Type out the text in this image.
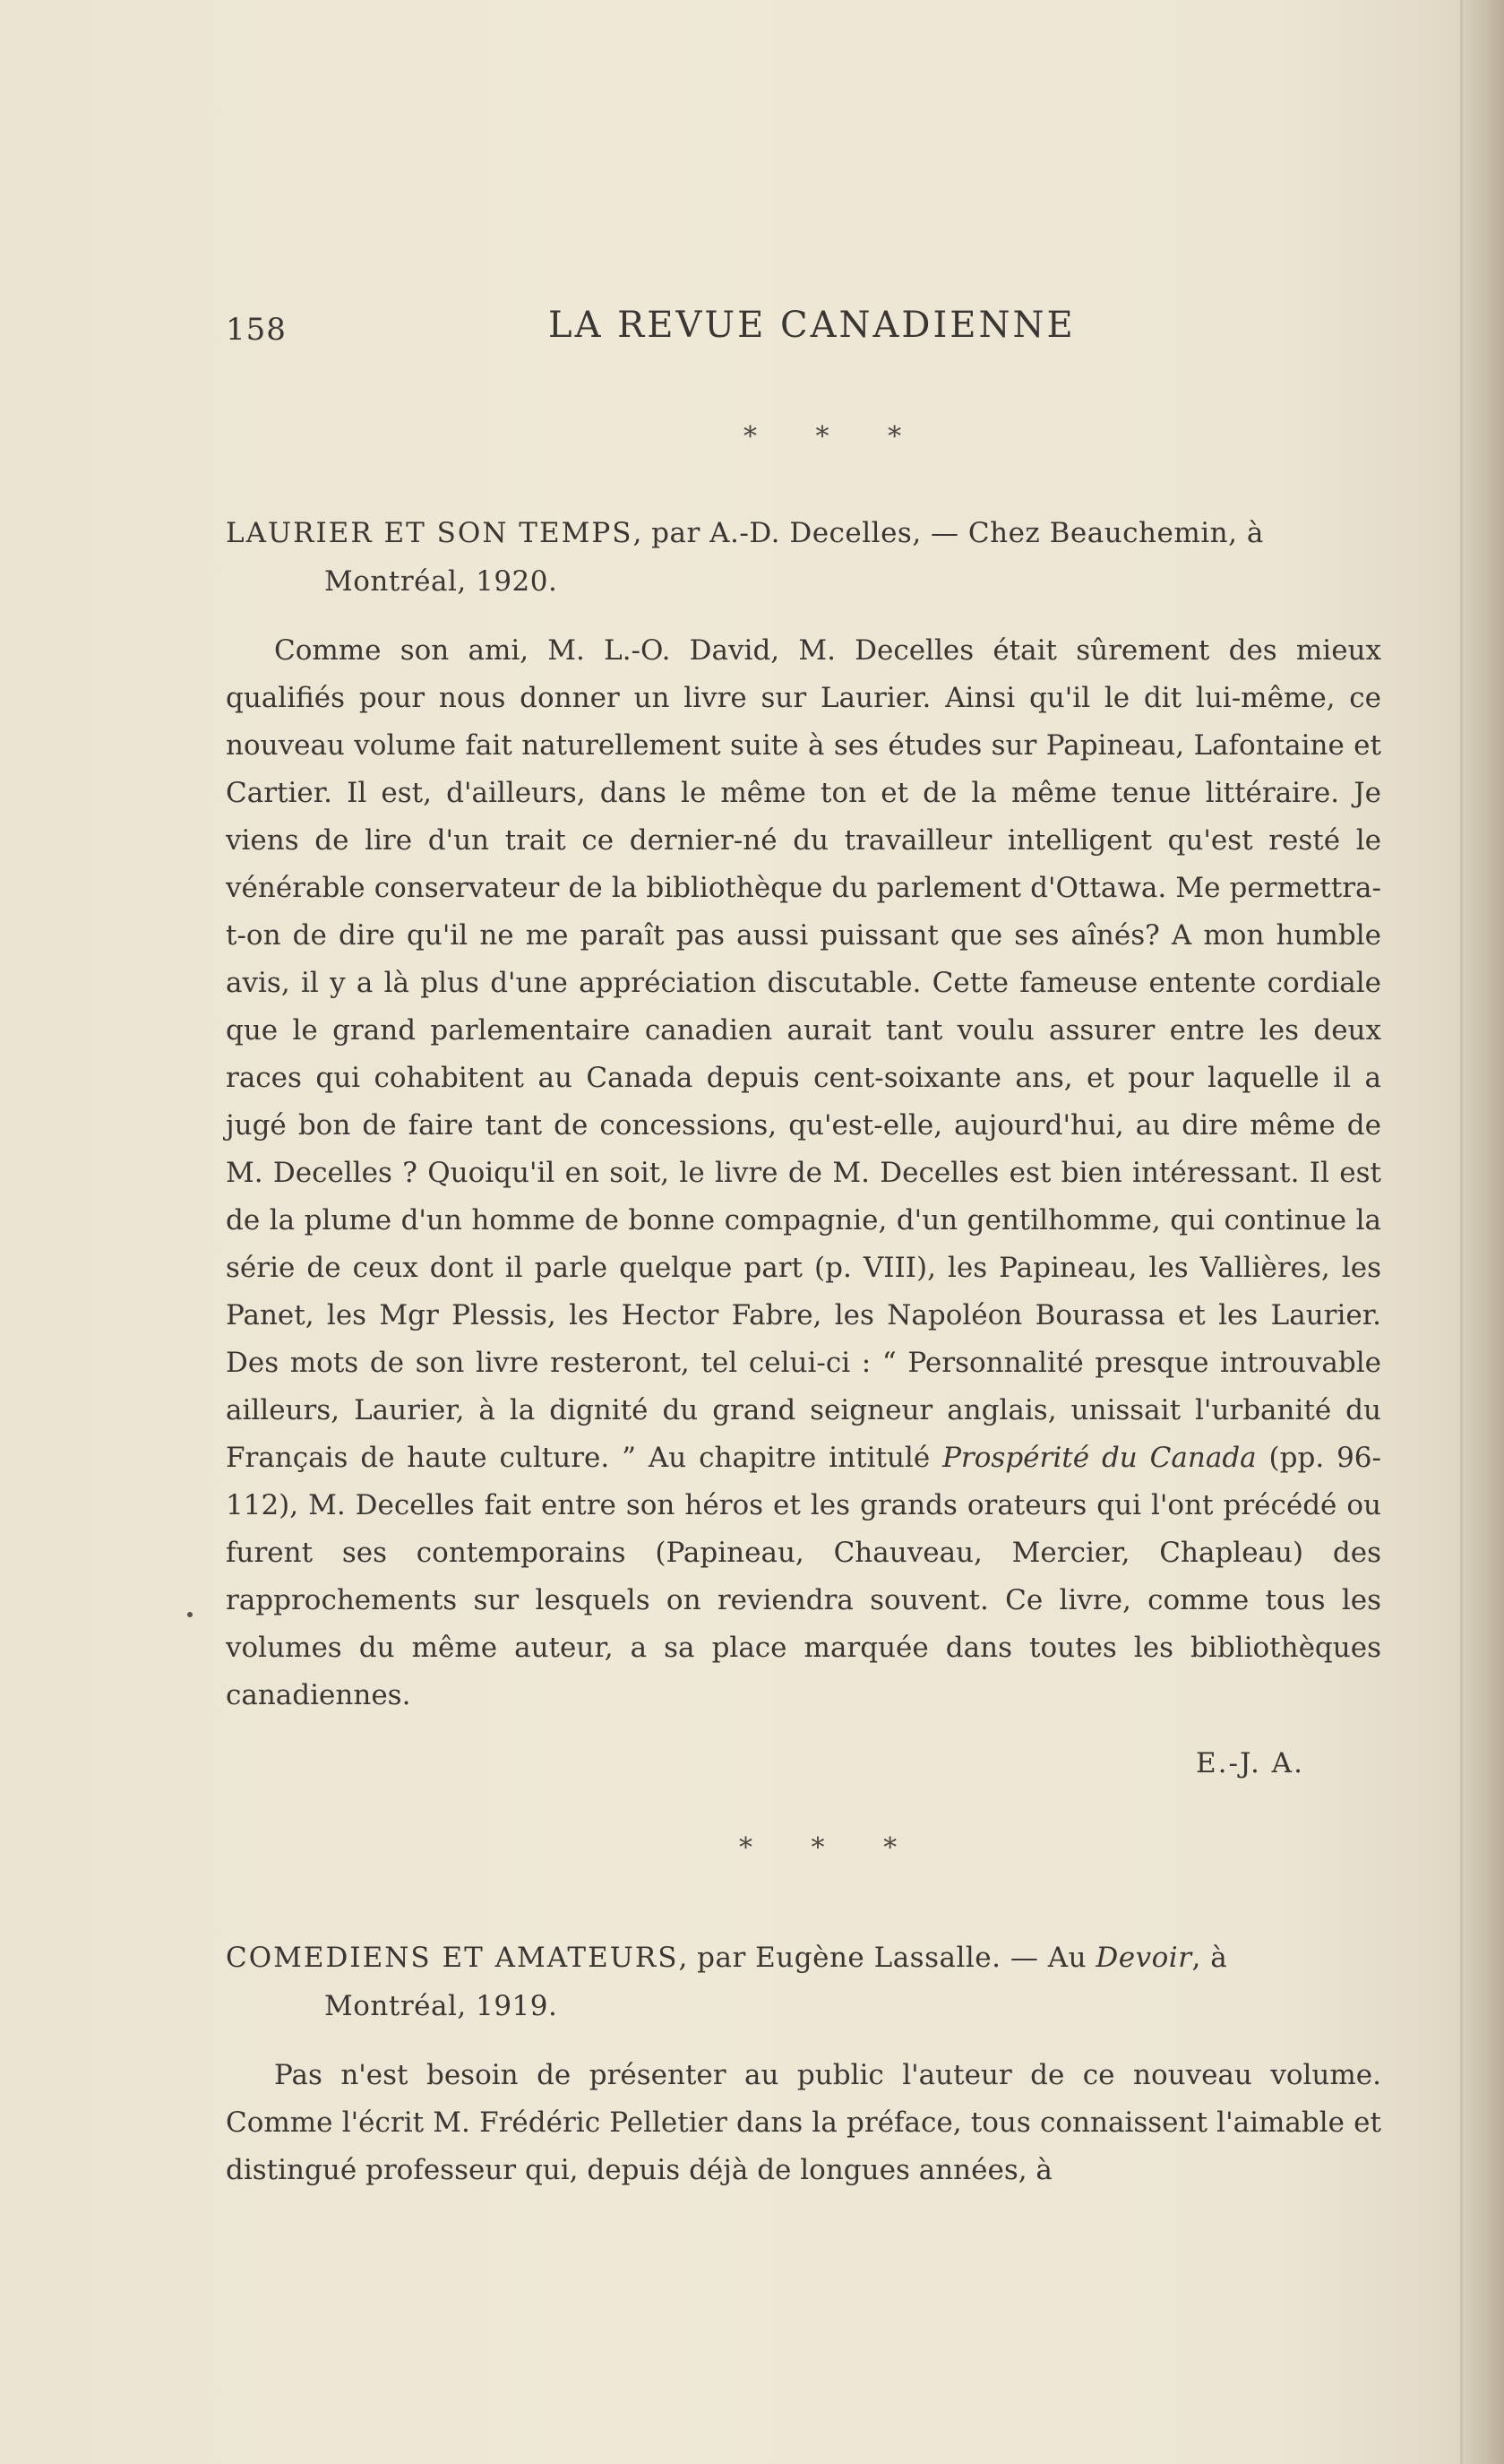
158	LA REVUE CANADIENNE
* * *
LAURIER ET SON TEMPS, par A.-D. Decelles, — Chez Beauchemin, à
Montréal, 1920.

Comme son ami, M. L.-O. David, M. Decelles était sûrement des mieux qualifiés pour nous donner un livre sur Laurier. Ainsi qu'il le dit lui-même, ce nouveau volume fait naturellement suite à ses études sur Papineau, Lafontaine et Cartier. Il est, d'ailleurs, dans le même ton et de la même tenue littéraire. Je viens de lire d'un trait ce dernier-né du travailleur intelligent qu'est resté le vénérable conservateur de la bibliothèque du parlement d'Ottawa. Me permettra-t-on de dire qu'il ne me paraît pas aussi puissant que ses aînés? A mon humble avis, il y a là plus d'une appréciation discutable. Cette fameuse entente cordiale que le grand parlementaire canadien aurait tant voulu assurer entre les deux races qui cohabitent au Canada depuis cent-soixante ans, et pour laquelle il a jugé bon de faire tant de concessions, qu'est-elle, aujourd'hui, au dire même de M. Decelles ? Quoiqu'il en soit, le livre de M. Decelles est bien intéressant. Il est de la plume d'un homme de bonne compagnie, d'un gentilhomme, qui continue la série de ceux dont il parle quelque part (p. VIII), les Papineau, les Vallières, les Panet, les Mgr Plessis, les Hector Fabre, les Napoléon Bourassa et les Laurier. Des mots de son livre resteront, tel celui-ci : “ Personnalité presque introuvable ailleurs, Laurier, à la dignité du grand seigneur anglais, unissait l'urbanité du Français de haute culture. ” Au chapitre intitulé Prospérité du Canada (pp. 96-112), M. Decelles fait entre son héros et les grands orateurs qui l'ont précédé ou furent ses contemporains (Papineau, Chauveau, Mercier, Chapleau) des rapprochements sur lesquels on reviendra souvent. Ce livre, comme tous les volumes du même auteur, a sa place marquée dans toutes les bibliothèques canadiennes.

E.-J. A.
* * *
COMEDIENS ET AMATEURS, par Eugène Lassalle. — Au Devoir, à
Montréal, 1919.

Pas n'est besoin de présenter au public l'auteur de ce nouveau volume. Comme l'écrit M. Frédéric Pelletier dans la préface, tous connaissent l'aimable et distingué professeur qui, depuis déjà de longues années, à
